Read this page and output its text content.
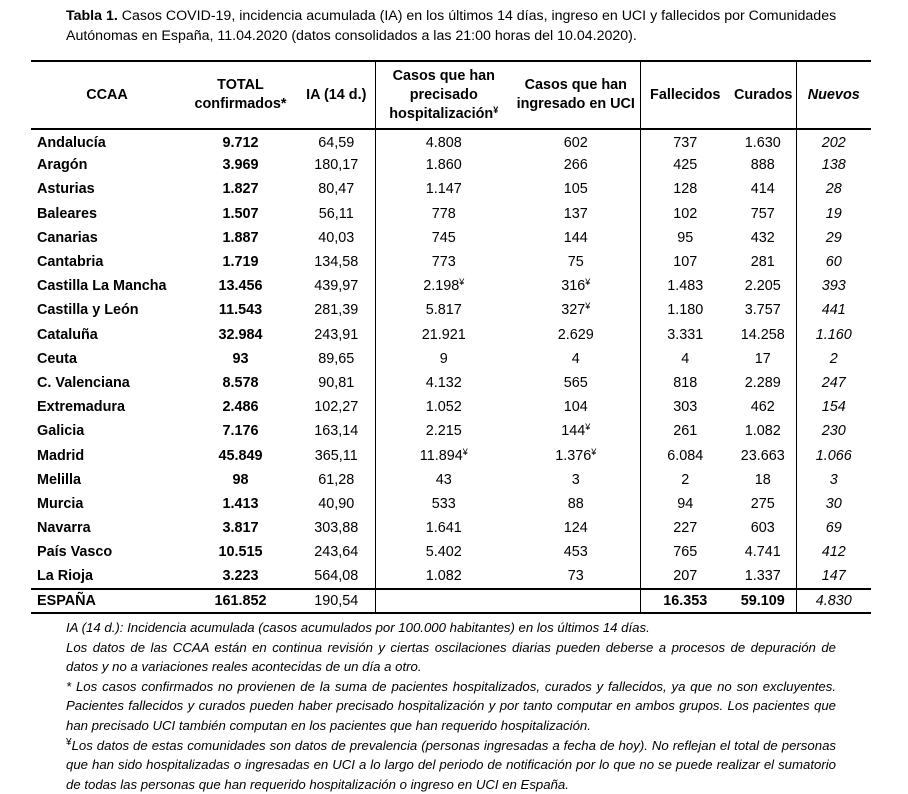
Tabla 1. Casos COVID-19, incidencia acumulada (IA) en los últimos 14 días, ingreso en UCI y fallecidos por Comunidades Autónomas en España, 11.04.2020 (datos consolidados a las 21:00 horas del 10.04.2020).
CCAA	TOTAL confirmados*	IA (14 d.)	Casos que han precisado hospitalización¥	Casos que han ingresado en UCI	Fallecidos	Curados	Nuevos
Andalucía	9.712	64,59	4.808	602	737	1.630	202
Aragón	3.969	180,17	1.860	266	425	888	138
Asturias	1.827	80,47	1.147	105	128	414	28
Baleares	1.507	56,11	778	137	102	757	19
Canarias	1.887	40,03	745	144	95	432	29
Cantabria	1.719	134,58	773	75	107	281	60
Castilla La Mancha	13.456	439,97	2.198¥	316¥	1.483	2.205	393
Castilla y León	11.543	281,39	5.817	327¥	1.180	3.757	441
Cataluña	32.984	243,91	21.921	2.629	3.331	14.258	1.160
Ceuta	93	89,65	9	4	4	17	2
C. Valenciana	8.578	90,81	4.132	565	818	2.289	247
Extremadura	2.486	102,27	1.052	104	303	462	154
Galicia	7.176	163,14	2.215	144¥	261	1.082	230
Madrid	45.849	365,11	11.894¥	1.376¥	6.084	23.663	1.066
Melilla	98	61,28	43	3	2	18	3
Murcia	1.413	40,90	533	88	94	275	30
Navarra	3.817	303,88	1.641	124	227	603	69
País Vasco	10.515	243,64	5.402	453	765	4.741	412
La Rioja	3.223	564,08	1.082	73	207	1.337	147
ESPAÑA	161.852	190,54			16.353	59.109	4.830

IA (14 d.): Incidencia acumulada (casos acumulados por 100.000 habitantes) en los últimos 14 días.

Los datos de las CCAA están en continua revisión y ciertas oscilaciones diarias pueden deberse a procesos de depuración de datos y no a variaciones reales acontecidas de un día a otro.

* Los casos confirmados no provienen de la suma de pacientes hospitalizados, curados y fallecidos, ya que no son excluyentes. Pacientes fallecidos y curados pueden haber precisado hospitalización y por tanto computar en ambos grupos. Los pacientes que han precisado UCI también computan en los pacientes que han requerido hospitalización.

¥Los datos de estas comunidades son datos de prevalencia (personas ingresadas a fecha de hoy). No reflejan el total de personas que han sido hospitalizadas o ingresadas en UCI a lo largo del periodo de notificación por lo que no se puede realizar el sumatorio de todas las personas que han requerido hospitalización o ingreso en UCI en España.
